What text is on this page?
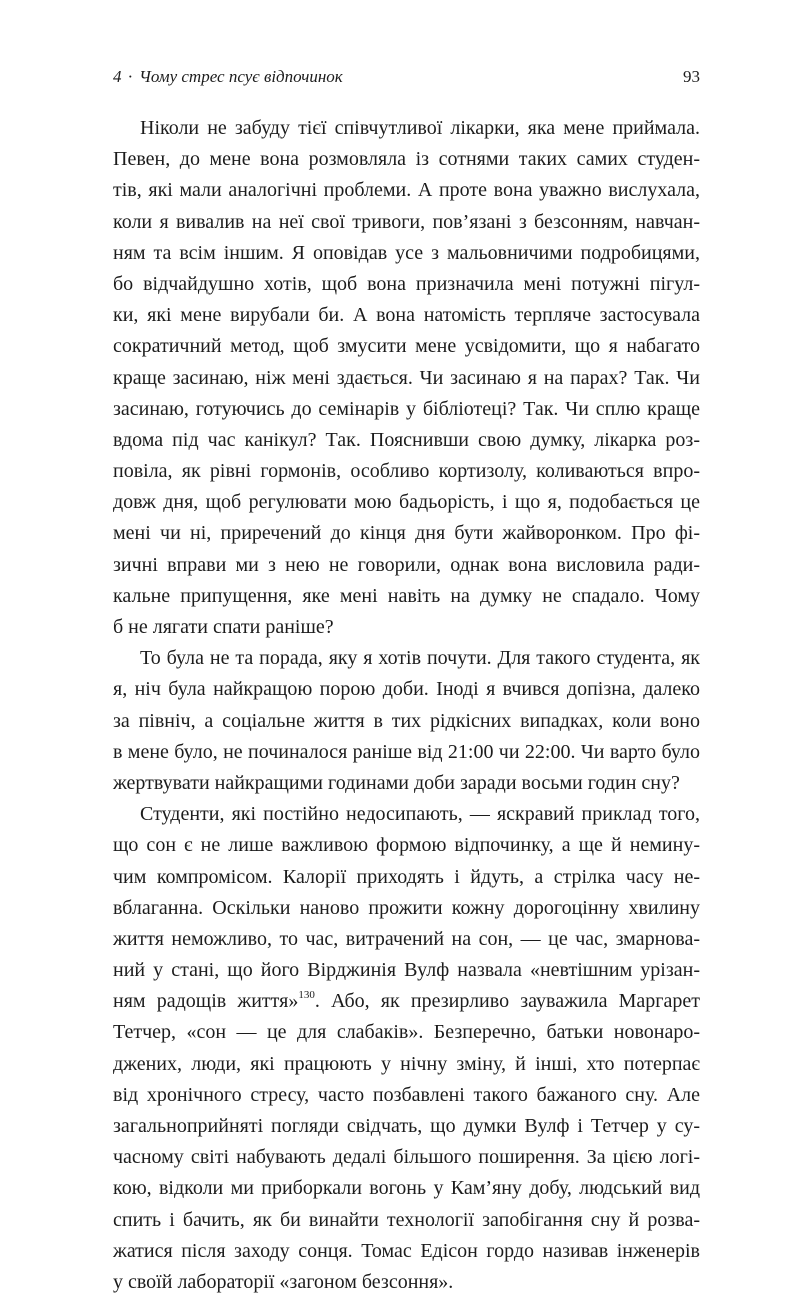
4 · Чому стрес псує відпочинок	93
Ніколи не забуду тієї співчутливої лікарки, яка мене приймала.
Певен, до мене вона розмовляла із сотнями таких самих студен-
тів, які мали аналогічні проблеми. А проте вона уважно вислухала,
коли я вивалив на неї свої тривоги, пов’язані з безсонням, навчан-
ням та всім іншим. Я оповідав усе з мальовничими подробицями,
бо відчайдушно хотів, щоб вона призначила мені потужні пігул-
ки, які мене вирубали би. А вона натомість терпляче застосувала
сократичний метод, щоб змусити мене усвідомити, що я набагато
краще засинаю, ніж мені здається. Чи засинаю я на парах? Так. Чи
засинаю, готуючись до семінарів у бібліотеці? Так. Чи сплю краще
вдома під час канікул? Так. Пояснивши свою думку, лікарка роз-
повіла, як рівні гормонів, особливо кортизолу, коливаються впро-
довж дня, щоб регулювати мою бадьорість, і що я, подобається це
мені чи ні, приречений до кінця дня бути жайворонком. Про фі-
зичні вправи ми з нею не говорили, однак вона висловила ради-
кальне припущення, яке мені навіть на думку не спадало. Чому
б не лягати спати раніше?
То була не та порада, яку я хотів почути. Для такого студента, як
я, ніч була найкращою порою доби. Іноді я вчився допізна, далеко
за північ, а соціальне життя в тих рідкісних випадках, коли воно
в мене було, не починалося раніше від 21:00 чи 22:00. Чи варто було
жертвувати найкращими годинами доби заради восьми годин сну?
Студенти, які постійно недосипають, — яскравий приклад того,
що сон є не лише важливою формою відпочинку, а ще й немину-
чим компромісом. Калорії приходять і йдуть, а стрілка часу не-
вблаганна. Оскільки наново прожити кожну дорогоцінну хвилину
життя неможливо, то час, витрачений на сон, — це час, змарнова-
ний у стані, що його Вірджинія Вулф назвала «невтішним урізан-
ням радощів життя»$^{130}$. Або, як презирливо зауважила Маргарет
Тетчер, «сон — це для слабаків». Безперечно, батьки новонаро-
джених, люди, які працюють у нічну зміну, й інші, хто потерпає
від хронічного стресу, часто позбавлені такого бажаного сну. Але
загальноприйняті погляди свідчать, що думки Вулф і Тетчер у су-
часному світі набувають дедалі більшого поширення. За цією логі-
кою, відколи ми приборкали вогонь у Кам’яну добу, людський вид
спить і бачить, як би винайти технології запобігання сну й розва-
жатися після заходу сонця. Томас Едісон гордо називав інженерів
у своїй лабораторії «загоном безсоння».
